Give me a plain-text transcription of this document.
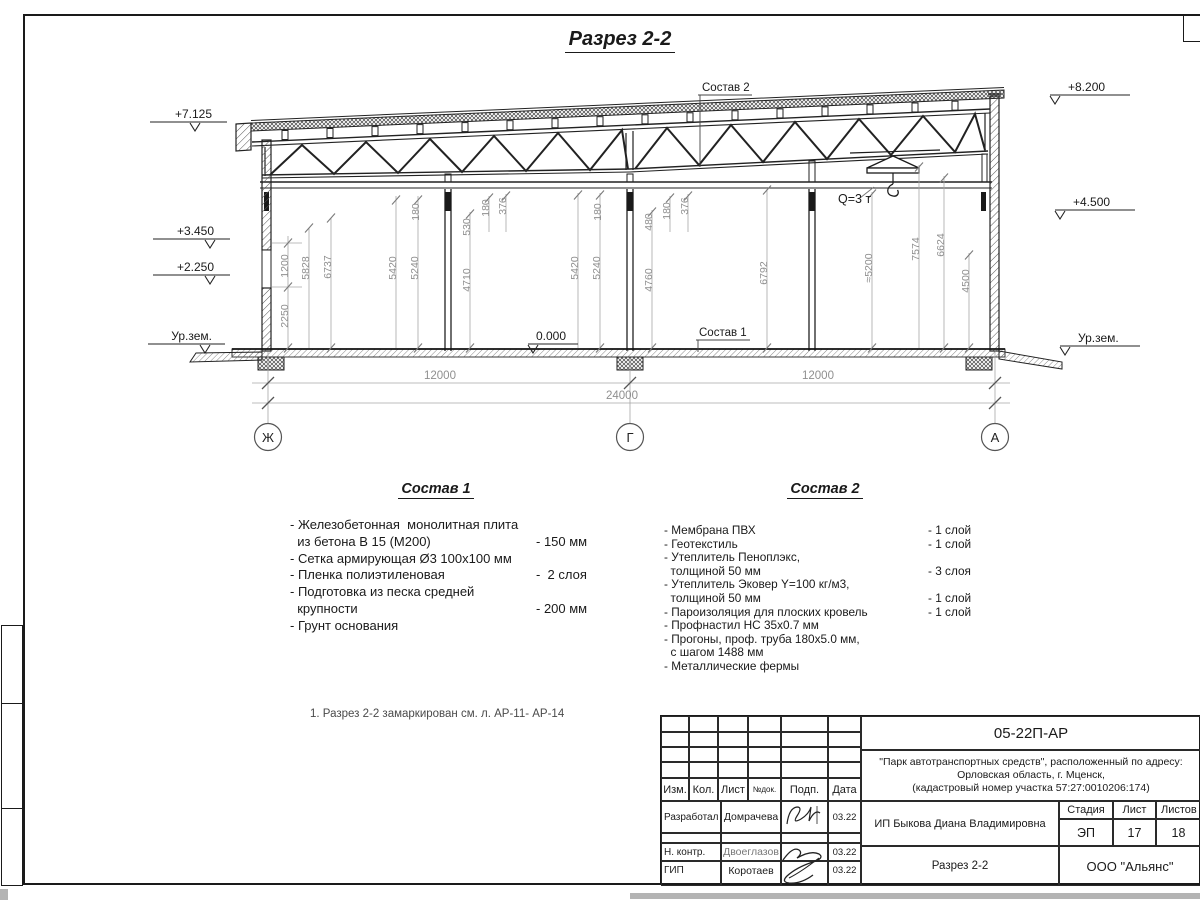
Ж	Г	А
12000	12000
24000
1200
2250
5828 6737	5420 5240
180
530
180 376
4710
5420 5240
180
480
180 376
4760	6792	≈5200
7574 6624
4500
+7.125
+3.450
+2.250
Ур.зем.
+8.200
+4.500
Ур.зем.
0.000
Состав 2
Состав 1
Q=3 т
Разрез 2-2
Состав 1
- Железобетонная  монолитная плита
из бетона В 15 (М200)	- 150 мм
- Сетка армирующая Ø3 100х100 мм
- Пленка полиэтиленовая	-  2 слоя
- Подготовка из песка средней
крупности	- 200 мм
- Грунт основания
Состав 2
- Мембрана ПВХ	- 1 слой
- Геотекстиль	- 1 слой
- Утеплитель Пеноплэкс,
толщиной 50 мм	- 3 слоя
- Утеплитель Эковер Y=100 кг/м3,
толщиной 50 мм	- 1 слой
- Пароизоляция для плоских кровель	- 1 слой
- Профнастил НС 35х0.7 мм
- Прогоны, проф. труба 180х5.0 мм,
с шагом 1488 мм
- Металлические фермы
1. Разрез 2-2 замаркирован см. л. АР-11- АР-14
Изм. Кол. Лист №док.	Подп.	Дата
Разработал Домрачева	03.22
Н. контр.	Двоеглазов	03.22
ГИП	Коротаев	03.22
05-22П-АР
"Парк автотранспортных средств", расположенный по адресу:
Орловская область, г. Мценск,
(кадастровый номер участка 57:27:0010206:174)
ИП Быкова Диана Владимировна
Разрез 2-2
Стадия	Лист	Листов
ЭП	17	18
ООО "Альянс"
